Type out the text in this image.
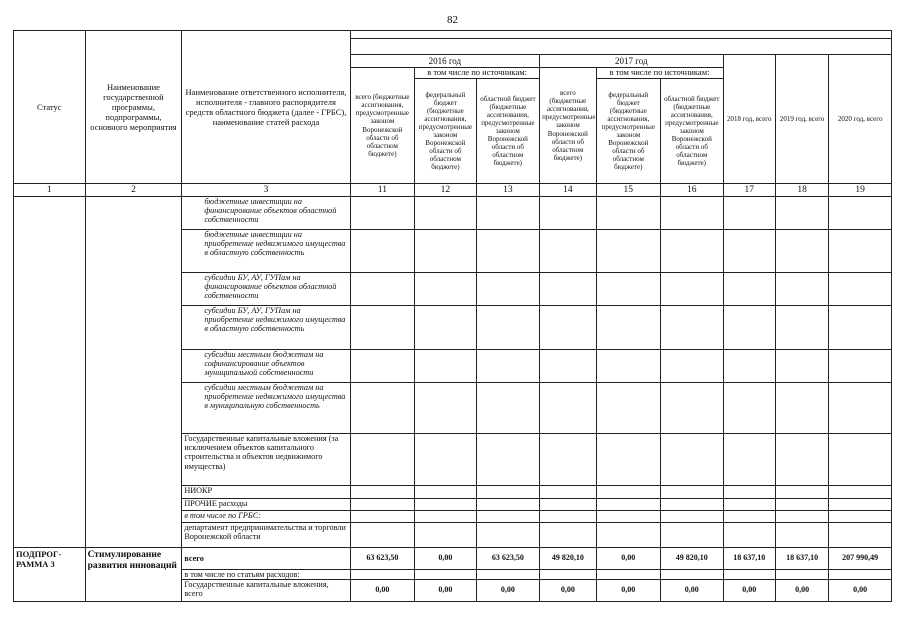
82
Статус	Наименование государственной программы, подпрограммы, основного мероприятия	Наименование ответственного исполнителя, исполнителя - главного распорядителя средств областного бюджета (далее - ГРБС), наименование статей расхода									

			2016 год			2017 год			2018 год, всего	2019 год, всего	2020 год, всего
			всего (бюджетные ассигнования, предусмотренные законом Воронежской области об областном бюджете)	в том числе по источникам:		всего (бюджетные ассигнования, предусмотренные законом Воронежской области об областном бюджете)	в том числе по источникам:				
				федеральный бюджет (бюджетные ассигнования, предусмотренные законом Воронежской области об областном бюджете)	областной бюджет (бюджетные ассигнования, предусмотренные законом Воронежской области об областном бюджете)		федеральный бюджет (бюджетные ассигнования, предусмотренные законом Воронежской области об областном бюджете)	областной бюджет (бюджетные ассигнования, предусмотренные законом Воронежской области об областном бюджете)			
1	2	3	11	12	13	14	15	16	17	18	19
		бюджетные инвестиции на финансирование объектов областной собственности									
		бюджетные инвестиции на приобретение недвижимого имущества в областную собственность									
		субсидии БУ, АУ, ГУПам на финансирование объектов областной собственности									
		субсидии БУ, АУ, ГУПам на приобретение недвижимого имущества в областную собственность									
		субсидии местным бюджетам на софинансирование объектов муниципальной собственности									
		субсидии местным бюджетам на приобретение недвижимого имущества в муниципальную собственность									
		Государственные капитальные вложения (за исключением объектов капитального строительства и объектов недвижимого имущества)									
		НИОКР									
		ПРОЧИЕ расходы									
		в том числе по ГРБС:									
		департамент предпринимательства и торговли Воронежской области									
ПОДПРОГ-РАММА 3	Стимулирование развития инноваций	всего	63 623,50	0,00	63 623,50	49 820,10	0,00	49 820,10	18 637,10	18 637,10	207 990,49
		в том числе по статьям расходов:									
		Государственные капитальные вложения, всего	0,00	0,00	0,00	0,00	0,00	0,00	0,00	0,00	0,00
